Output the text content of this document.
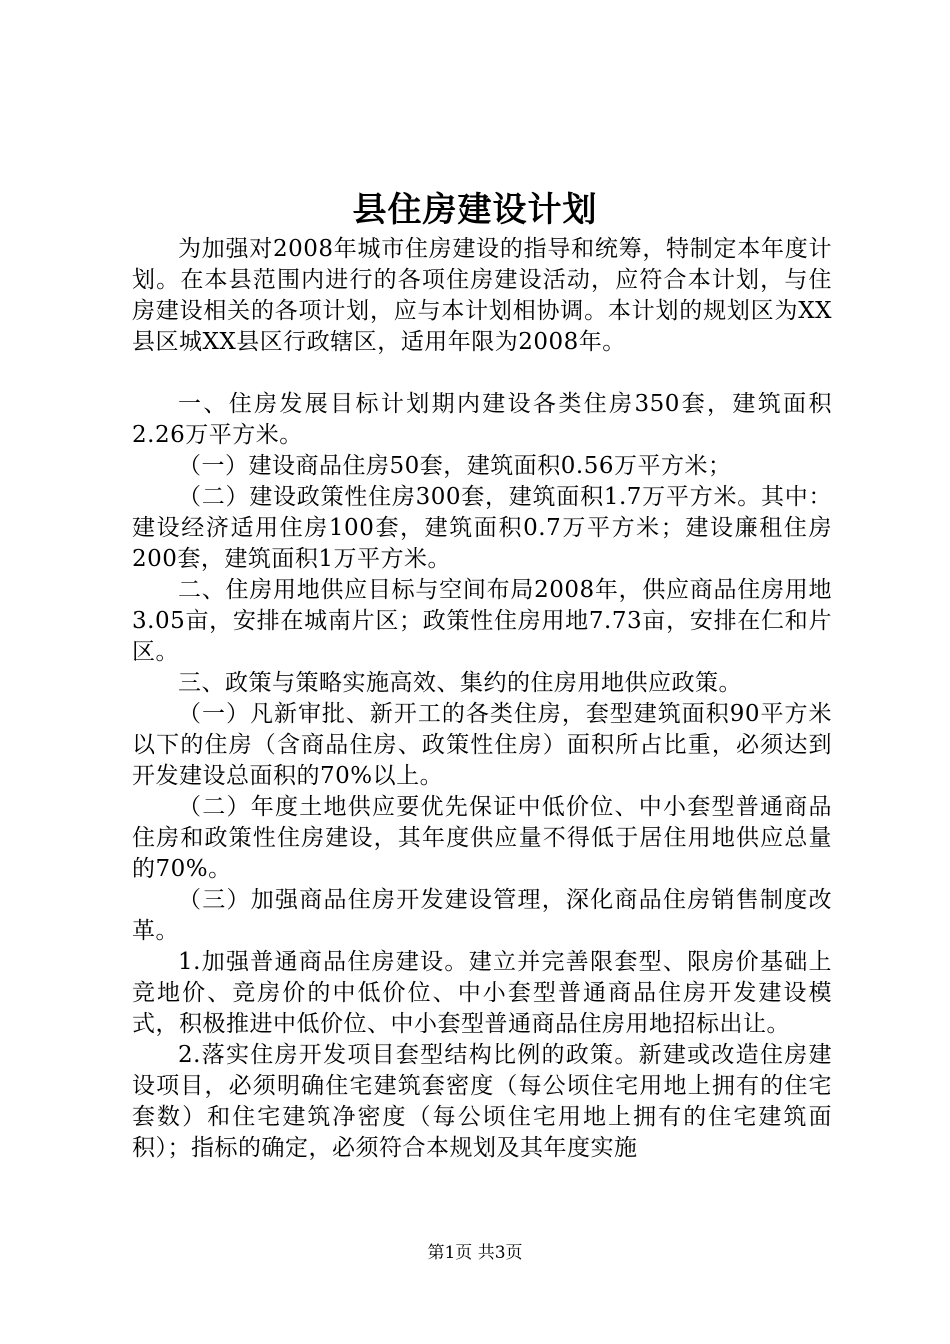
县住房建设计划

为加强对2008年城市住房建设的指导和统筹，特制定本年度计划。在本县范围内进行的各项住房建设活动，应符合本计划，与住房建设相关的各项计划，应与本计划相协调。本计划的规划区为XX县区城XX县区行政辖区，适用年限为2008年。

一、住房发展目标计划期内建设各类住房350套，建筑面积2.26万平方米。

（一）建设商品住房50套，建筑面积0.56万平方米；

（二）建设政策性住房300套，建筑面积1.7万平方米。其中：建设经济适用住房100套，建筑面积0.7万平方米；建设廉租住房200套，建筑面积1万平方米。

二、住房用地供应目标与空间布局2008年，供应商品住房用地3.05亩，安排在城南片区；政策性住房用地7.73亩，安排在仁和片区。

三、政策与策略实施高效、集约的住房用地供应政策。

（一）凡新审批、新开工的各类住房，套型建筑面积90平方米以下的住房（含商品住房、政策性住房）面积所占比重，必须达到开发建设总面积的70%以上。

（二）年度土地供应要优先保证中低价位、中小套型普通商品住房和政策性住房建设，其年度供应量不得低于居住用地供应总量的70%。

（三）加强商品住房开发建设管理，深化商品住房销售制度改革。

1.加强普通商品住房建设。建立并完善限套型、限房价基础上竞地价、竞房价的中低价位、中小套型普通商品住房开发建设模式，积极推进中低价位、中小套型普通商品住房用地招标出让。

2.落实住房开发项目套型结构比例的政策。新建或改造住房建设项目，必须明确住宅建筑套密度（每公顷住宅用地上拥有的住宅套数）和住宅建筑净密度（每公顷住宅用地上拥有的住宅建筑面积）；指标的确定，必须符合本规划及其年度实施

第1页 共3页
